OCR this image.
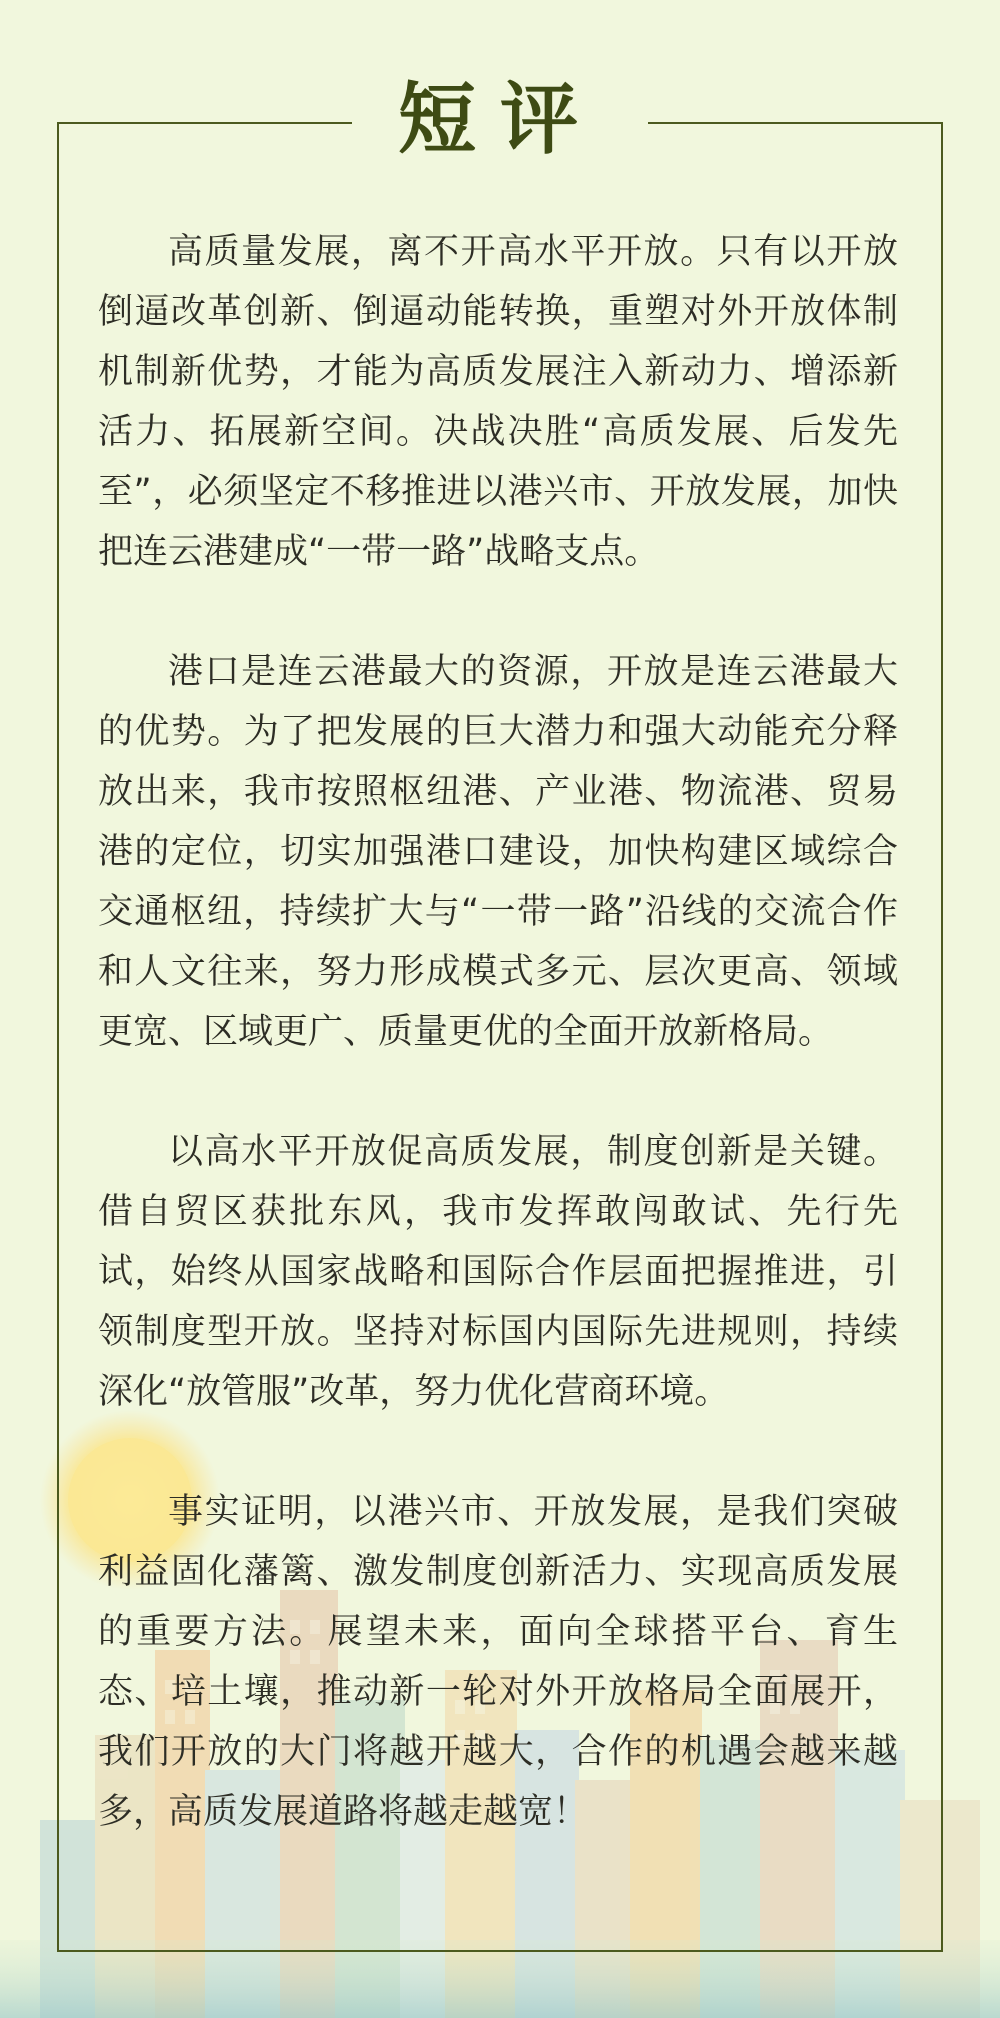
短评

高质量发展，离不开高水平开放。只有以开放倒逼改革创新、倒逼动能转换，重塑对外开放体制机制新优势，才能为高质发展注入新动力、增添新活力、拓展新空间。决战决胜“高质发展、后发先至”，必须坚定不移推进以港兴市、开放发展，加快把连云港建成“一带一路”战略支点。

港口是连云港最大的资源，开放是连云港最大的优势。为了把发展的巨大潜力和强大动能充分释放出来，我市按照枢纽港、产业港、物流港、贸易港的定位，切实加强港口建设，加快构建区域综合交通枢纽，持续扩大与“一带一路”沿线的交流合作和人文往来，努力形成模式多元、层次更高、领域更宽、区域更广、质量更优的全面开放新格局。

以高水平开放促高质发展，制度创新是关键。借自贸区获批东风，我市发挥敢闯敢试、先行先试，始终从国家战略和国际合作层面把握推进，引领制度型开放。坚持对标国内国际先进规则，持续深化“放管服”改革，努力优化营商环境。

事实证明，以港兴市、开放发展，是我们突破利益固化藩篱、激发制度创新活力、实现高质发展的重要方法。展望未来，面向全球搭平台、育生态、培土壤，推动新一轮对外开放格局全面展开，我们开放的大门将越开越大，合作的机遇会越来越多，高质发展道路将越走越宽！
